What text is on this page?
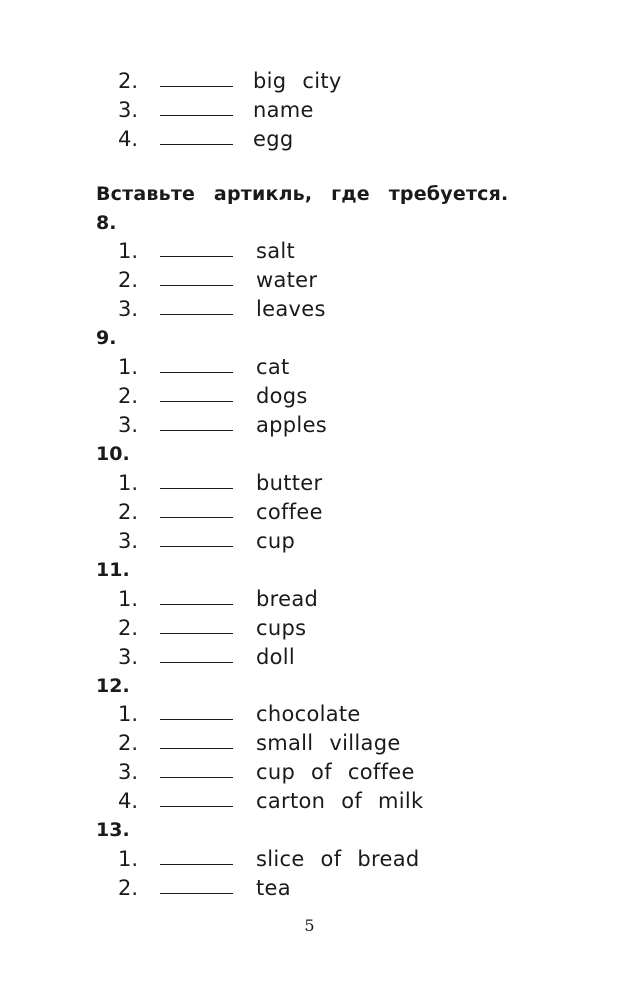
2.	big city
3.	name
4.	egg
Вставьте артикль, где требуется.
8.
1.	salt
2.	water
3.	leaves
9.
1.	cat
2.	dogs
3.	apples
10.
1.	butter
2.	coffee
3.	cup
11.
1.	bread
2.	cups
3.	doll
12.
1.	chocolate
2.	small village
3.	cup of coffee
4.	carton of milk
13.
1.	slice of bread
2.	tea
5
